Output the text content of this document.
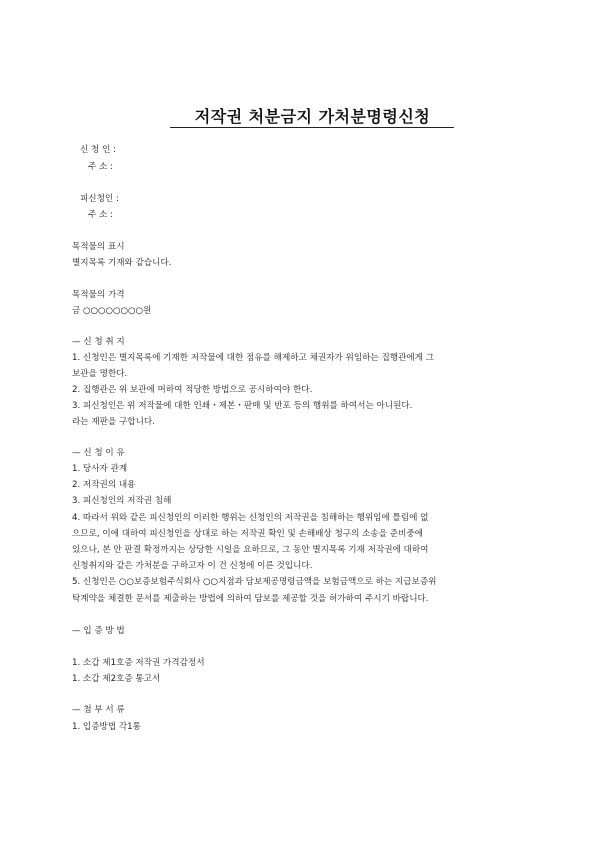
저작권 처분금지 가처분명령신청
신 청 인 :
주 소 :
피신청인 :
주 소 :
목적물의 표시
별지목록 기재와 같습니다.
목적물의 가격
금 ○○○○○○○○원
— 신 청 취 지
1. 신청인은 별지목록에 기재한 저작물에 대한 점유를 해제하고 채권자가 위임하는 집행관에게 그
보관을 명한다.
2. 집행관은 위 보관에 머하여 적당한 방법으로 공시하여야 한다.
3. 피신청인은 위 저작물에 대한 인쇄・제본・판매 및 반포 등의 행위를 하여서는 아니된다.
라는 재판을 구합니다.
— 신 청 이 유
1. 당사자 관계
2. 저작권의 내용
3. 피신청인의 저작권 침해
4. 따라서 위와 같은 피신청인의 이러한 행위는 신청인의 저작권을 침해하는 행위임에 틀림에 없
으므로, 이에 대하여 피신청인을 상대로 하는 저작권 확인 및 손해배상 청구의 소송을 준비중에
있으나, 본 안 판결 확정까지는 상당한 시일을 요하므로, 그 동안 별지목록 기재 저작권에 대하여
신청취지와 같은 가처분을 구하고자 이 건 신청에 이른 것입니다.
5. 신청인은 ○○보증보험주식회사 ○○지점과 담보제공명령금액을 보험금액으로 하는 지급보증위
탁계약을 체결한 문서를 제출하는 방법에 의하여 담보를 제공할 것을 허가하여 주시기 바랍니다.
— 입 증 방 법
1. 소갑 제1호증 저작권 가격감정서
1. 소갑 제2호증 통고서
— 첨 부 서 류
1. 입증방법 각1통
